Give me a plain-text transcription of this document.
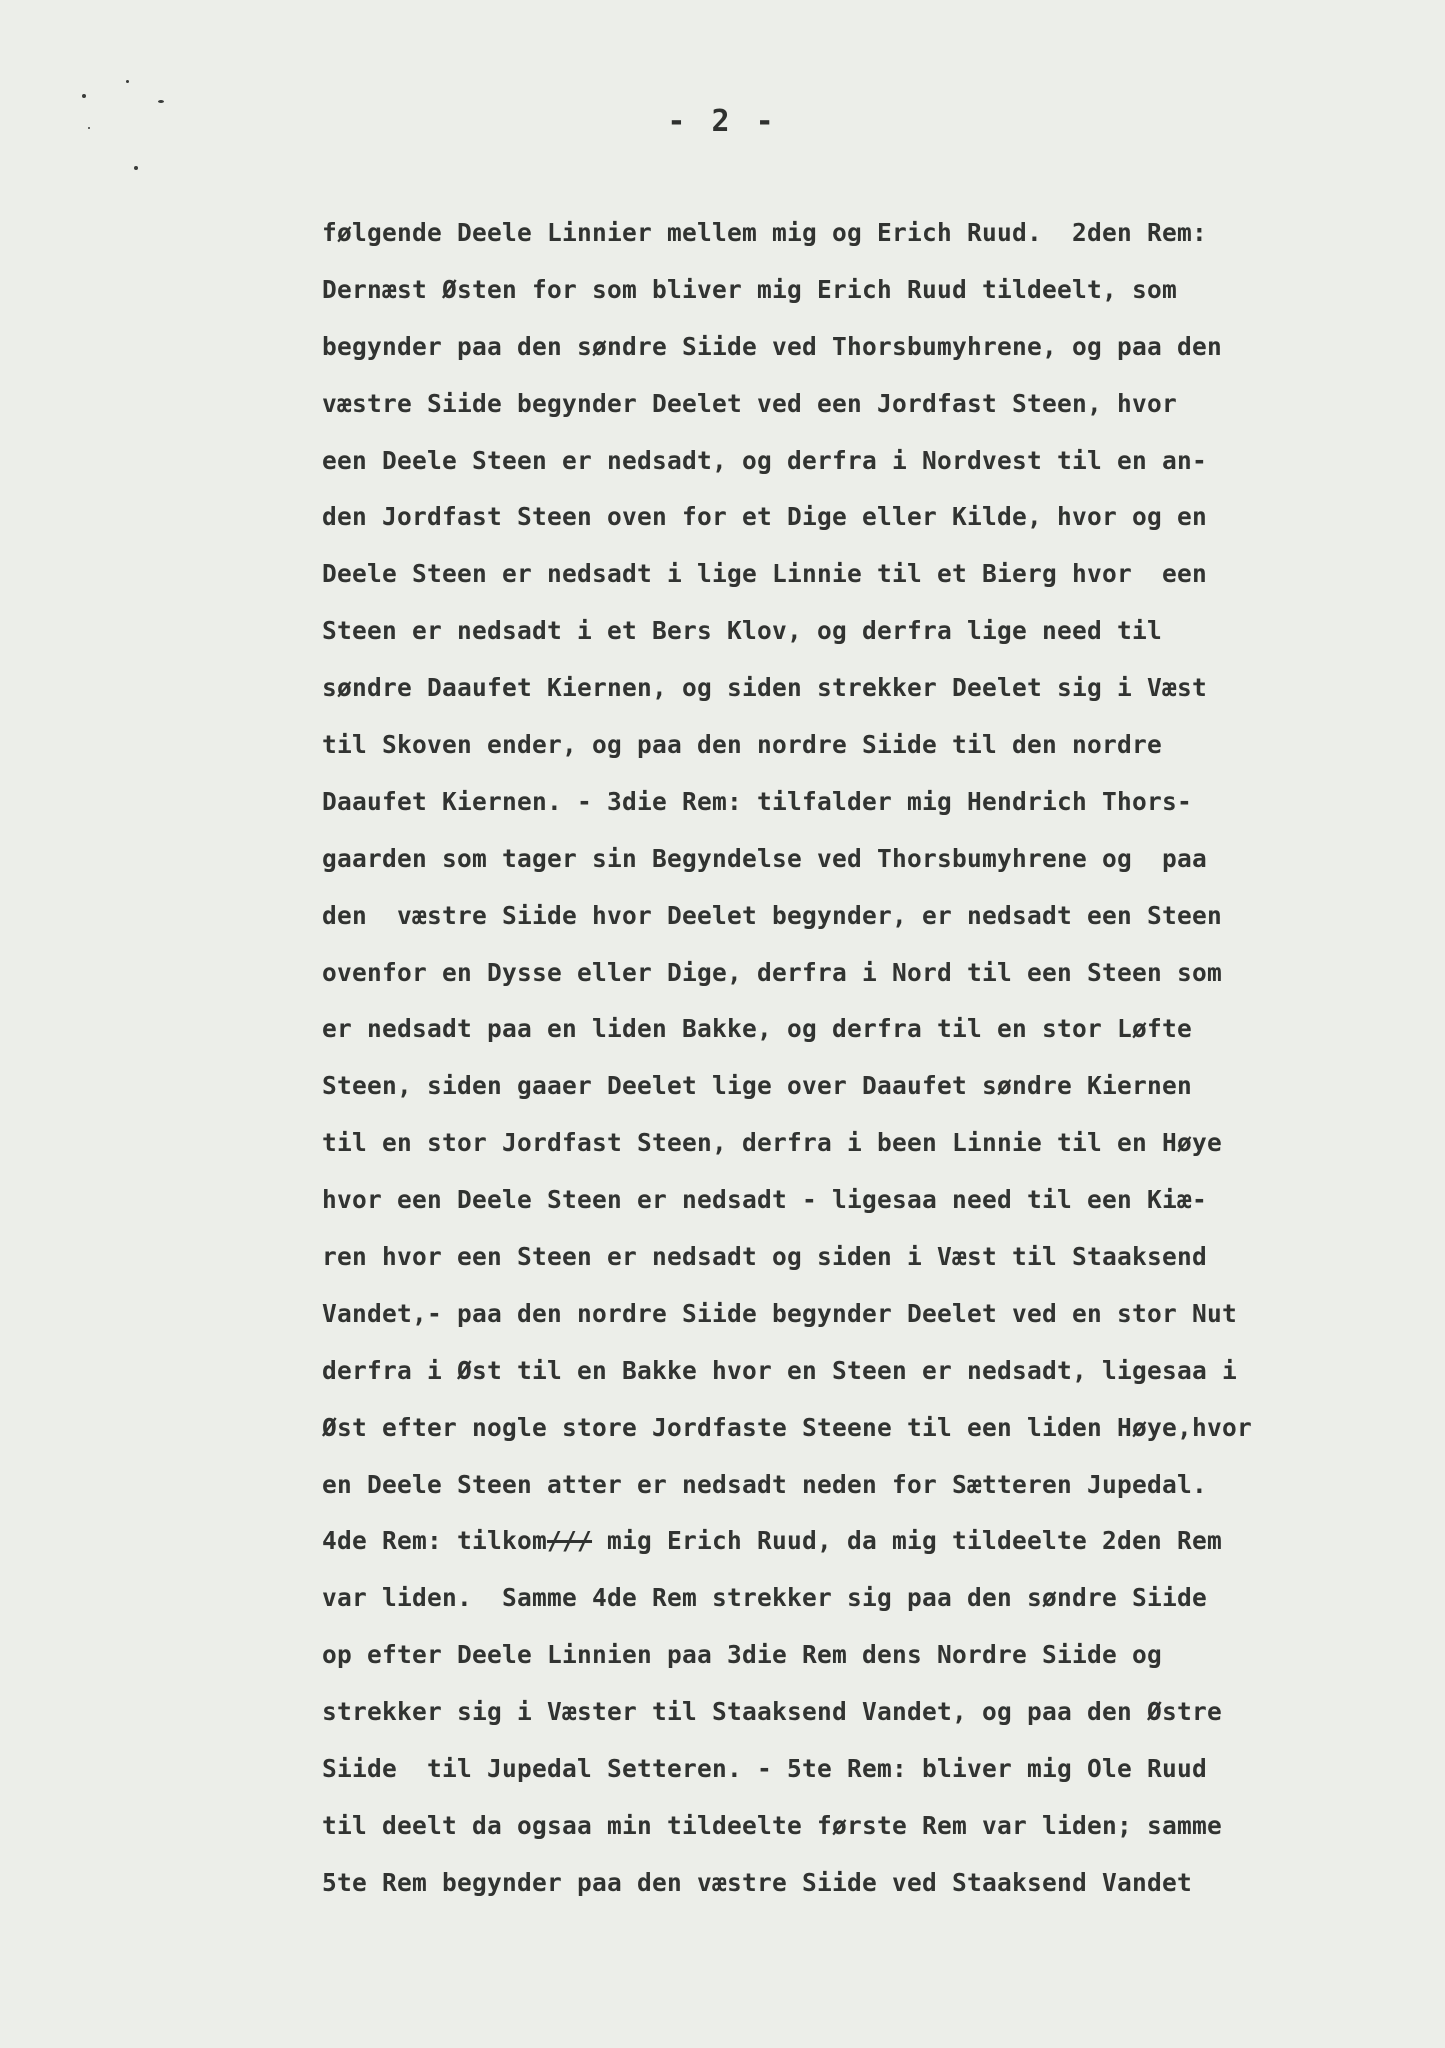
- 2 -
følgende Deele Linnier mellem mig og Erich Ruud.  2den Rem:
Dernæst Østen for som bliver mig Erich Ruud tildeelt, som
begynder paa den søndre Siide ved Thorsbumyhrene, og paa den
væstre Siide begynder Deelet ved een Jordfast Steen, hvor
een Deele Steen er nedsadt, og derfra i Nordvest til en an-
den Jordfast Steen oven for et Dige eller Kilde, hvor og en
Deele Steen er nedsadt i lige Linnie til et Bierg hvor  een
Steen er nedsadt i et Bers Klov, og derfra lige need til
søndre Daaufet Kiernen, og siden strekker Deelet sig i Væst
til Skoven ender, og paa den nordre Siide til den nordre
Daaufet Kiernen. - 3die Rem: tilfalder mig Hendrich Thors-
gaarden som tager sin Begyndelse ved Thorsbumyhrene og  paa
den  væstre Siide hvor Deelet begynder, er nedsadt een Steen
ovenfor en Dysse eller Dige, derfra i Nord til een Steen som
er nedsadt paa en liden Bakke, og derfra til en stor Løfte
Steen, siden gaaer Deelet lige over Daaufet søndre Kiernen
til en stor Jordfast Steen, derfra i been Linnie til en Høye
hvor een Deele Steen er nedsadt - ligesaa need til een Kiæ-
ren hvor een Steen er nedsadt og siden i Væst til Staaksend
Vandet,- paa den nordre Siide begynder Deelet ved en stor Nut
derfra i Øst til en Bakke hvor en Steen er nedsadt, ligesaa i
Øst efter nogle store Jordfaste Steene til een liden Høye,hvor
en Deele Steen atter er nedsadt neden for Sætteren Jupedal.
4de Rem: tilkom/// mig Erich Ruud, da mig tildeelte 2den Rem
var liden.  Samme 4de Rem strekker sig paa den søndre Siide
op efter Deele Linnien paa 3die Rem dens Nordre Siide og
strekker sig i Væster til Staaksend Vandet, og paa den Østre
Siide  til Jupedal Setteren. - 5te Rem: bliver mig Ole Ruud
til deelt da ogsaa min tildeelte første Rem var liden; samme
5te Rem begynder paa den væstre Siide ved Staaksend Vandet
